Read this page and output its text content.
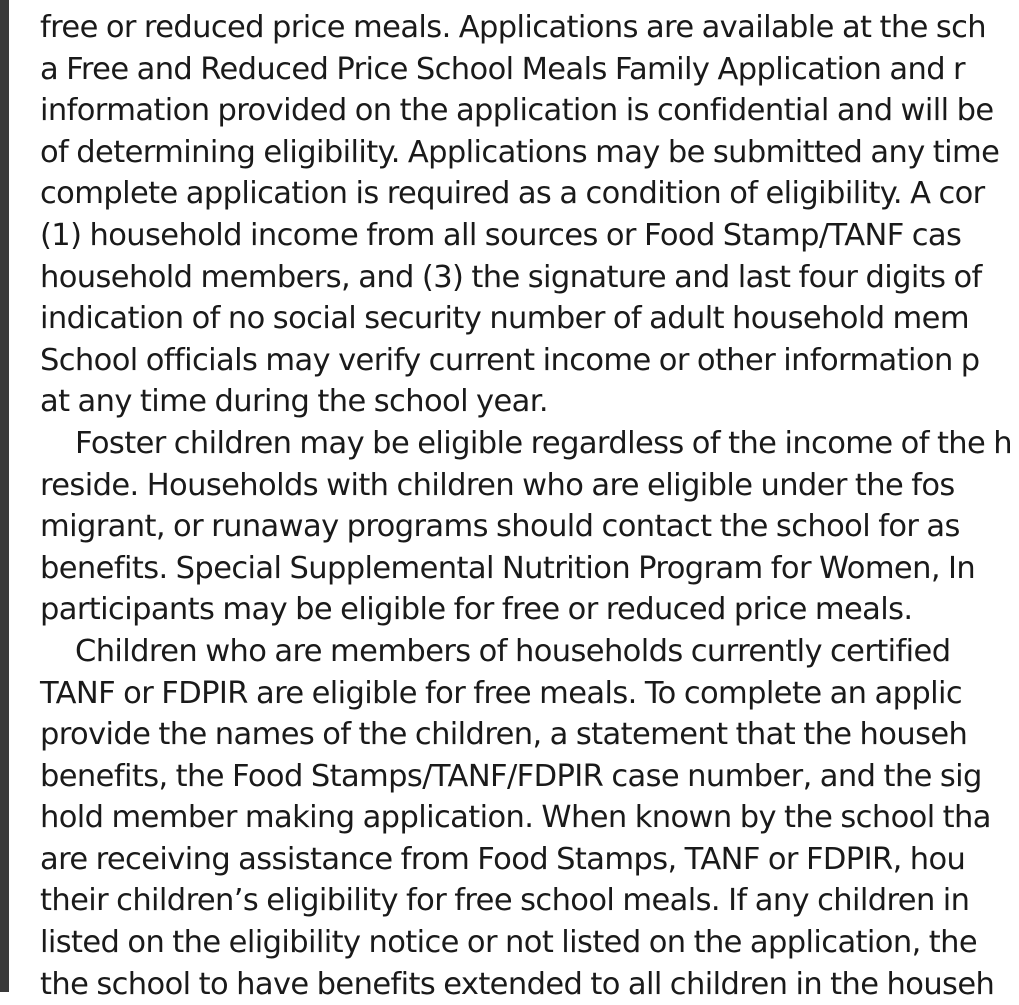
free or reduced price meals. Applications are available at the sch
a Free and Reduced Price School Meals Family Application and r
information provided on the application is confidential and will be
of determining eligibility. Applications may be submitted any time
complete application is required as a condition of eligibility. A cor
(1) household income from all sources or Food Stamp/TANF cas
household members, and (3) the signature and last four digits of
indication of no social security number of adult household mem
School officials may verify current income or other information p
at any time during the school year.
Foster children may be eligible regardless of the income of the h
reside. Households with children who are eligible under the fos
migrant, or runaway programs should contact the school for as
benefits. Special Supplemental Nutrition Program for Women, In
participants may be eligible for free or reduced price meals.
Children who are members of households currently certified
TANF or FDPIR are eligible for free meals. To complete an applic
provide the names of the children, a statement that the househ
benefits, the Food Stamps/TANF/FDPIR case number, and the sig
hold member making application. When known by the school tha
are receiving assistance from Food Stamps, TANF or FDPIR, hou
their children’s eligibility for free school meals. If any children in
listed on the eligibility notice or not listed on the application, the
the school to have benefits extended to all children in the househ
